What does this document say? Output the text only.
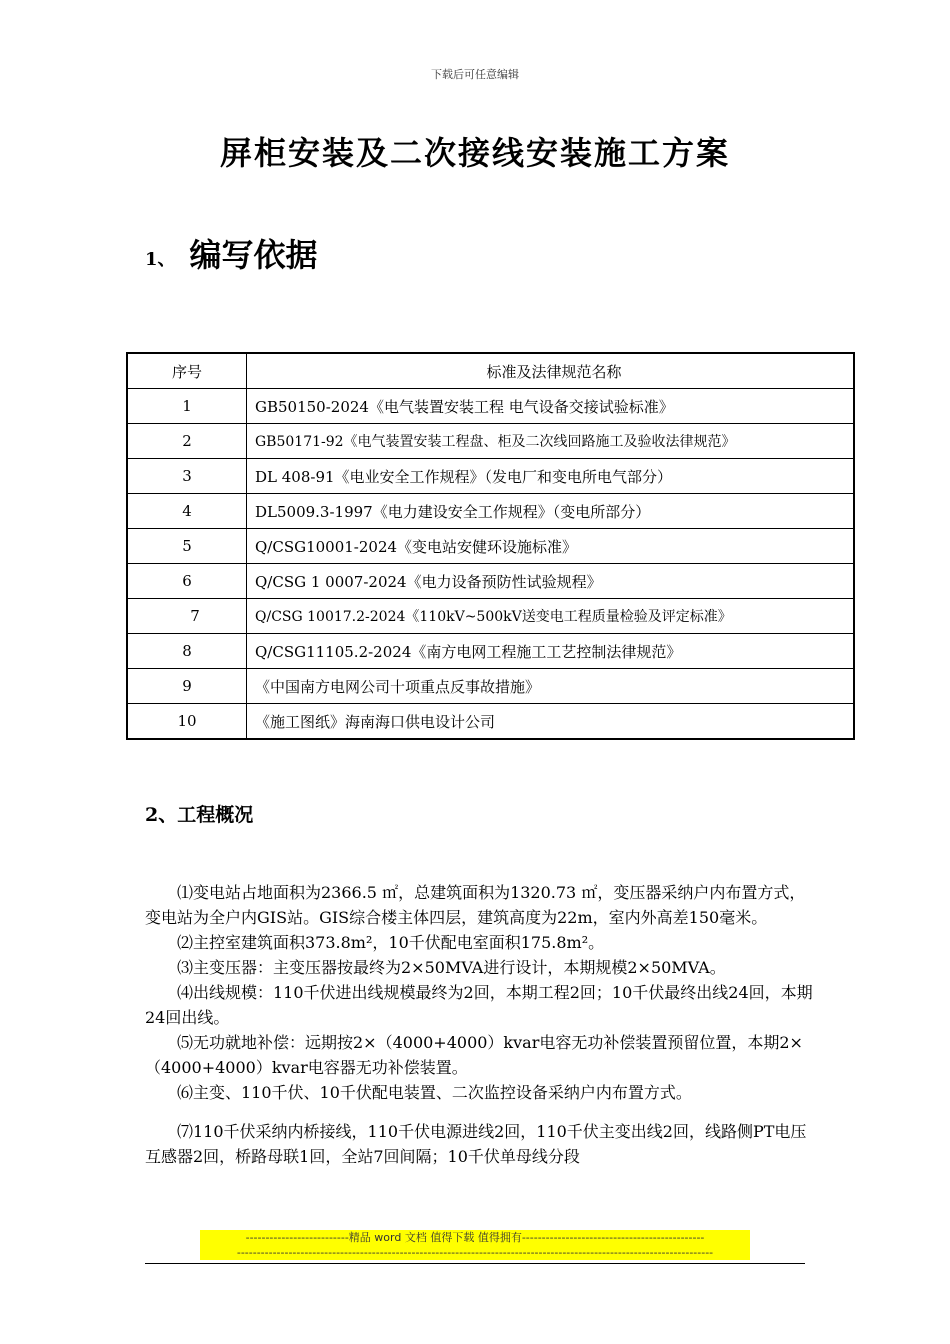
下载后可任意编辑
屏柜安装及二次接线安装施工方案
1、 编写依据
序号	标准及法律规范名称
1	GB50150-2024《电气装置安装工程 电气设备交接试验标准》
2	GB50171-92《电气装置安装工程盘、柜及二次线回路施工及验收法律规范》
3	DL 408-91《电业安全工作规程》（发电厂和变电所电气部分）
4	DL5009.3-1997《电力建设安全工作规程》（变电所部分）
5	Q/CSG10001-2024《变电站安健环设施标准》
6	Q/CSG 1 0007-2024《电力设备预防性试验规程》
7	Q/CSG 10017.2-2024《110kV~500kV送变电工程质量检验及评定标准》
8	Q/CSG11105.2-2024《南方电网工程施工工艺控制法律规范》
9	《中国南方电网公司十项重点反事故措施》
10	《施工图纸》海南海口供电设计公司
2、工程概况

⑴变电站占地面积为2366.5 ㎡，总建筑面积为1320.73 ㎡，变压器采纳户内布置方式，变电站为全户内GIS站。GIS综合楼主体四层，建筑高度为22m，室内外高差150毫米。

⑵主控室建筑面积373.8m²，10千伏配电室面积175.8m²。

⑶主变压器：主变压器按最终为2×50MVA进行设计，本期规模2×50MVA。

⑷出线规模：110千伏进出线规模最终为2回，本期工程2回；10千伏最终出线24回，本期24回出线。

⑸无功就地补偿：远期按2×（4000+4000）kvar电容无功补偿装置预留位置，本期2×（4000+4000）kvar电容器无功补偿装置。

⑹主变、110千伏、10千伏配电装置、二次监控设备采纳户内布置方式。

⑺110千伏采纳内桥接线，110千伏电源进线2回，110千伏主变出线2回，线路侧PT电压互感器2回，桥路母联1回，全站7回间隔；10千伏单母线分段

--------------------------精品 word 文档 值得下载 值得拥有----------------------------------------------
------------------------------------------------------------------------------------------------------------------------
